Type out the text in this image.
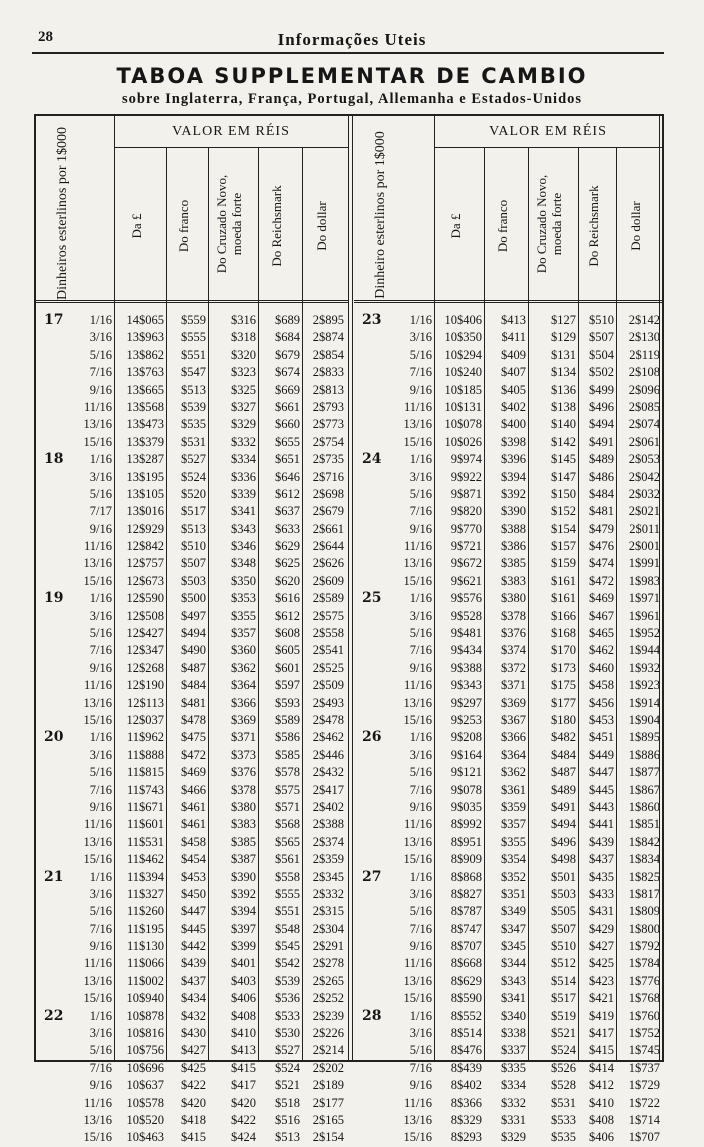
28	Informações Uteis
TABOA SUPPLEMENTAR DE CAMBIO
sobre Inglaterra, França, Portugal, Allemanha e Estados-Unidos
Dinheiros esterlinos por 1$000	VALOR EM RÉIS
Da £	Do franco	Do Cruzado Novo, moeda forte	Do Reichsmark	Do dollar
17	1/16	14$065	$559	$316	$689	2$895
3/16	13$963	$555	$318	$684	2$874
5/16	13$862	$551	$320	$679	2$854
7/16	13$763	$547	$323	$674	2$833
9/16	13$665	$513	$325	$669	2$813
11/16	13$568	$539	$327	$661	2$793
13/16	13$473	$535	$329	$660	2$773
15/16	13$379	$531	$332	$655	2$754
18	1/16	13$287	$527	$334	$651	2$735
3/16	13$195	$524	$336	$646	2$716
5/16	13$105	$520	$339	$612	2$698
7/17	13$016	$517	$341	$637	2$679
9/16	12$929	$513	$343	$633	2$661
11/16	12$842	$510	$346	$629	2$644
13/16	12$757	$507	$348	$625	2$626
15/16	12$673	$503	$350	$620	2$609
19	1/16	12$590	$500	$353	$616	2$589
3/16	12$508	$497	$355	$612	2$575
5/16	12$427	$494	$357	$608	2$558
7/16	12$347	$490	$360	$605	2$541
9/16	12$268	$487	$362	$601	2$525
11/16	12$190	$484	$364	$597	2$509
13/16	12$113	$481	$366	$593	2$493
15/16	12$037	$478	$369	$589	2$478
20	1/16	11$962	$475	$371	$586	2$462
3/16	11$888	$472	$373	$585	2$446
5/16	11$815	$469	$376	$578	2$432
7/16	11$743	$466	$378	$575	2$417
9/16	11$671	$461	$380	$571	2$402
11/16	11$601	$461	$383	$568	2$388
13/16	11$531	$458	$385	$565	2$374
15/16	11$462	$454	$387	$561	2$359
21	1/16	11$394	$453	$390	$558	2$345
3/16	11$327	$450	$392	$555	2$332
5/16	11$260	$447	$394	$551	2$315
7/16	11$195	$445	$397	$548	2$304
9/16	11$130	$442	$399	$545	2$291
11/16	11$066	$439	$401	$542	2$278
13/16	11$002	$437	$403	$539	2$265
15/16	10$940	$434	$406	$536	2$252
22	1/16	10$878	$432	$408	$533	2$239
3/16	10$816	$430	$410	$530	2$226
5/16	10$756	$427	$413	$527	2$214
7/16	10$696	$425	$415	$524	2$202
9/16	10$637	$422	$417	$521	2$189
11/16	10$578	$420	$420	$518	2$177
13/16	10$520	$418	$422	$516	2$165
15/16	10$463	$415	$424	$513	2$154
Dinheiro esterlinos por 1$000	VALOR EM RÉIS
Da £	Do franco	Do Cruzado Novo, moeda forte	Do Reichsmark	Do dollar
23	1/16	10$406	$413	$127	$510	2$142
3/16	10$350	$411	$129	$507	2$130
5/16	10$294	$409	$131	$504	2$119
7/16	10$240	$407	$134	$502	2$108
9/16	10$185	$405	$136	$499	2$096
11/16	10$131	$402	$138	$496	2$085
13/16	10$078	$400	$140	$494	2$074
15/16	10$026	$398	$142	$491	2$061
24	1/16	9$974	$396	$145	$489	2$053
3/16	9$922	$394	$147	$486	2$042
5/16	9$871	$392	$150	$484	2$032
7/16	9$820	$390	$152	$481	2$021
9/16	9$770	$388	$154	$479	2$011
11/16	9$721	$386	$157	$476	2$001
13/16	9$672	$385	$159	$474	1$991
15/16	9$621	$383	$161	$472	1$983
25	1/16	9$576	$380	$161	$469	1$971
3/16	9$528	$378	$166	$467	1$961
5/16	9$481	$376	$168	$465	1$952
7/16	9$434	$374	$170	$462	1$944
9/16	9$388	$372	$173	$460	1$932
11/16	9$343	$371	$175	$458	1$923
13/16	9$297	$369	$177	$456	1$914
15/16	9$253	$367	$180	$453	1$904
26	1/16	9$208	$366	$482	$451	1$895
3/16	9$164	$364	$484	$449	1$886
5/16	9$121	$362	$487	$447	1$877
7/16	9$078	$361	$489	$445	1$867
9/16	9$035	$359	$491	$443	1$860
11/16	8$992	$357	$494	$441	1$851
13/16	8$951	$355	$496	$439	1$842
15/16	8$909	$354	$498	$437	1$834
27	1/16	8$868	$352	$501	$435	1$825
3/16	8$827	$351	$503	$433	1$817
5/16	8$787	$349	$505	$431	1$809
7/16	8$747	$347	$507	$429	1$800
9/16	8$707	$345	$510	$427	1$792
11/16	8$668	$344	$512	$425	1$784
13/16	8$629	$343	$514	$423	1$776
15/16	8$590	$341	$517	$421	1$768
28	1/16	8$552	$340	$519	$419	1$760
3/16	8$514	$338	$521	$417	1$752
5/16	8$476	$337	$524	$415	1$745
7/16	8$439	$335	$526	$414	1$737
9/16	8$402	$334	$528	$412	1$729
11/16	8$366	$332	$531	$410	1$722
13/16	8$329	$331	$533	$408	1$714
15/16	8$293	$329	$535	$406	1$707
